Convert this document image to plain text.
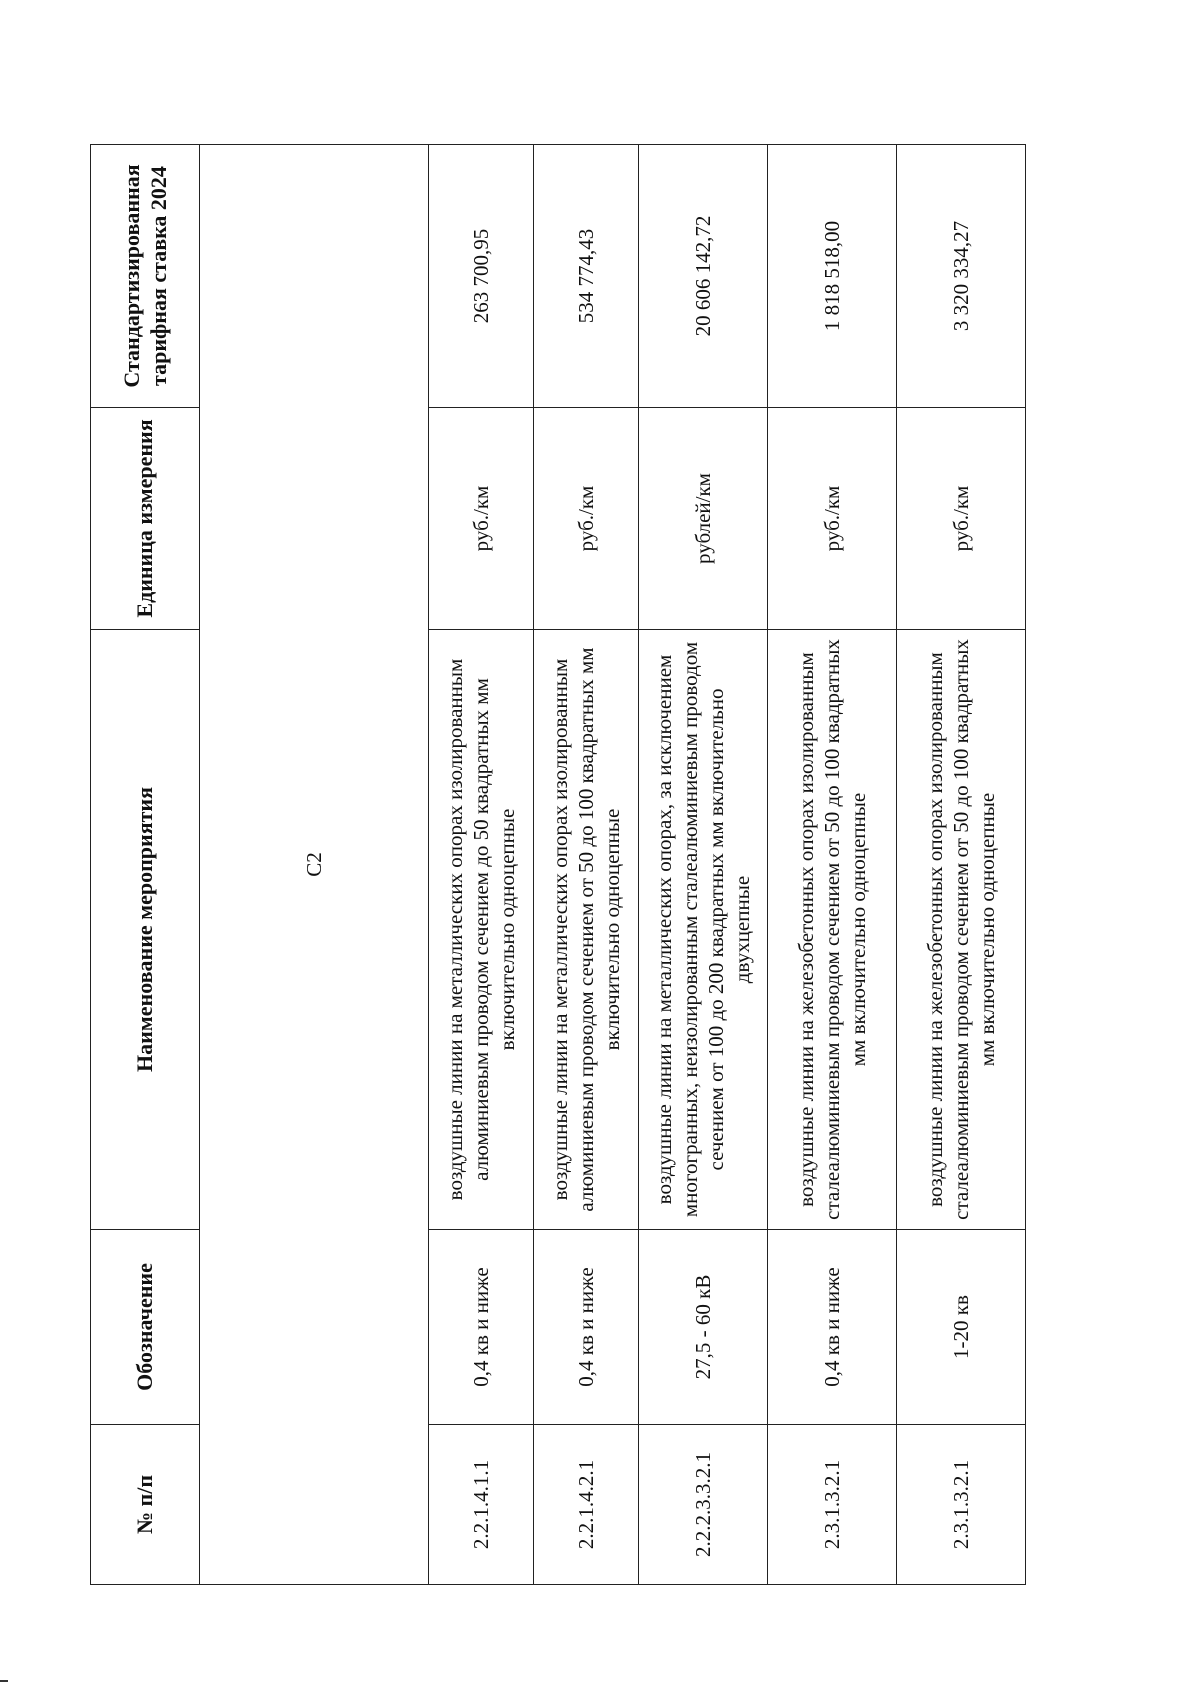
№ п/п	Обозначение	Наименование мероприятия	Единица измерения	Стандартизированная тарифная ставка 2024
С2				
2.2.1.4.1.1	0,4 кв и ниже	воздушные линии на металлических опорах изолированным алюминиевым проводом сечением до 50 квадратных мм включительно одноцепные	руб./км	263 700,95
2.2.1.4.2.1	0,4 кв и ниже	воздушные линии на металлических опорах изолированным алюминиевым проводом сечением от 50 до 100 квадратных мм включительно одноцепные	руб./км	534 774,43
2.2.2.3.3.2.1	27,5 - 60 кВ	воздушные линии на металлических опорах, за исключением многогранных, неизолированным сталеалюминиевым проводом сечением от 100 до 200 квадратных мм включительно двухцепные	рублей/км	20 606 142,72
2.3.1.3.2.1	0,4 кв и ниже	воздушные линии на железобетонных опорах изолированным сталеалюминиевым проводом сечением от 50 до 100 квадратных мм включительно одноцепные	руб./км	1 818 518,00
2.3.1.3.2.1	1-20 кв	воздушные линии на железобетонных опорах изолированным сталеалюминиевым проводом сечением от 50 до 100 квадратных мм включительно одноцепные	руб./км	3 320 334,27
